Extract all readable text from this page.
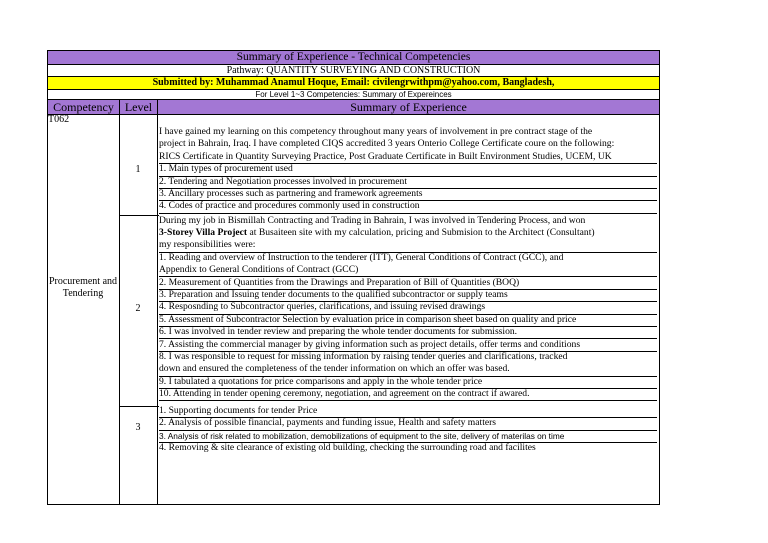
Summary of Experience - Technical Competencies
Pathway: QUANTITY SURVEYING AND CONSTRUCTION
Submitted by: Muhammad Anamul Hoque, Email: civilengrwithpm@yahoo.com, Bangladesh,
For Level 1~3 Competencies: Summary of Expereinces
Competency Level	Summary of Experience
T062
Procurement and Tendering
1
2
3
I have gained my learning on this competency throughout many years of involvement in pre contract stage of the
project in Bahrain, Iraq. I have completed CIQS accredited 3 years Onterio College Certificate coure on the following:
RICS Certificate in Quantity Surveying Practice, Post Graduate Certificate in Built Environment Studies, UCEM, UK
1. Main types of procurement used
2. Tendering and Negotiation processes involved in procurement
3. Ancillary processes such as partnering and framework agreements
4. Codes of practice and procedures commonly used in construction
During my job in Bismillah Contracting and Trading in Bahrain, I was involved in Tendering Process, and won
3-Storey Villa Project at Busaiteen site with my calculation, pricing and Submision to the Architect (Consultant)
my responsibilities were:
1. Reading and overview of Instruction to the tenderer (ITT), General Conditions of Contract (GCC), and
Appendix to General Conditions of Contract (GCC)
2. Measurement of Quantities from the Drawings and Preparation of Bill of Quantities (BOQ)
3. Preparation and Issuing tender documents to the qualified subcontractor or supply teams
4. Resposnding to Subcontractor queries, clarifications, and issuing revised drawings
5. Assessment of Subcontractor Selection by evaluation price in comparison sheet based on quality and price
6. I was involved in tender review and preparing the whole tender documents for submission.
7. Assisting the commercial manager by giving information such as project details, offer terms and conditions
8. I was responsible to request for missing information by raising tender queries and clarifications, tracked
down and ensured the completeness of the tender information on which an offer was based.
9. I tabulated a quotations for price comparisons and apply in the whole tender price
10. Attending in tender opening ceremony, negotiation, and agreement on the contract if awared.
1. Supporting documents for tender Price
2. Analysis of possible financial, payments and funding issue, Health and safety matters
3. Analysis of risk related to mobilization, demobilizations of equipment to the site, delivery of materilas on time
4. Removing & site clearance of existing old building, checking the surrounding road and facilites
